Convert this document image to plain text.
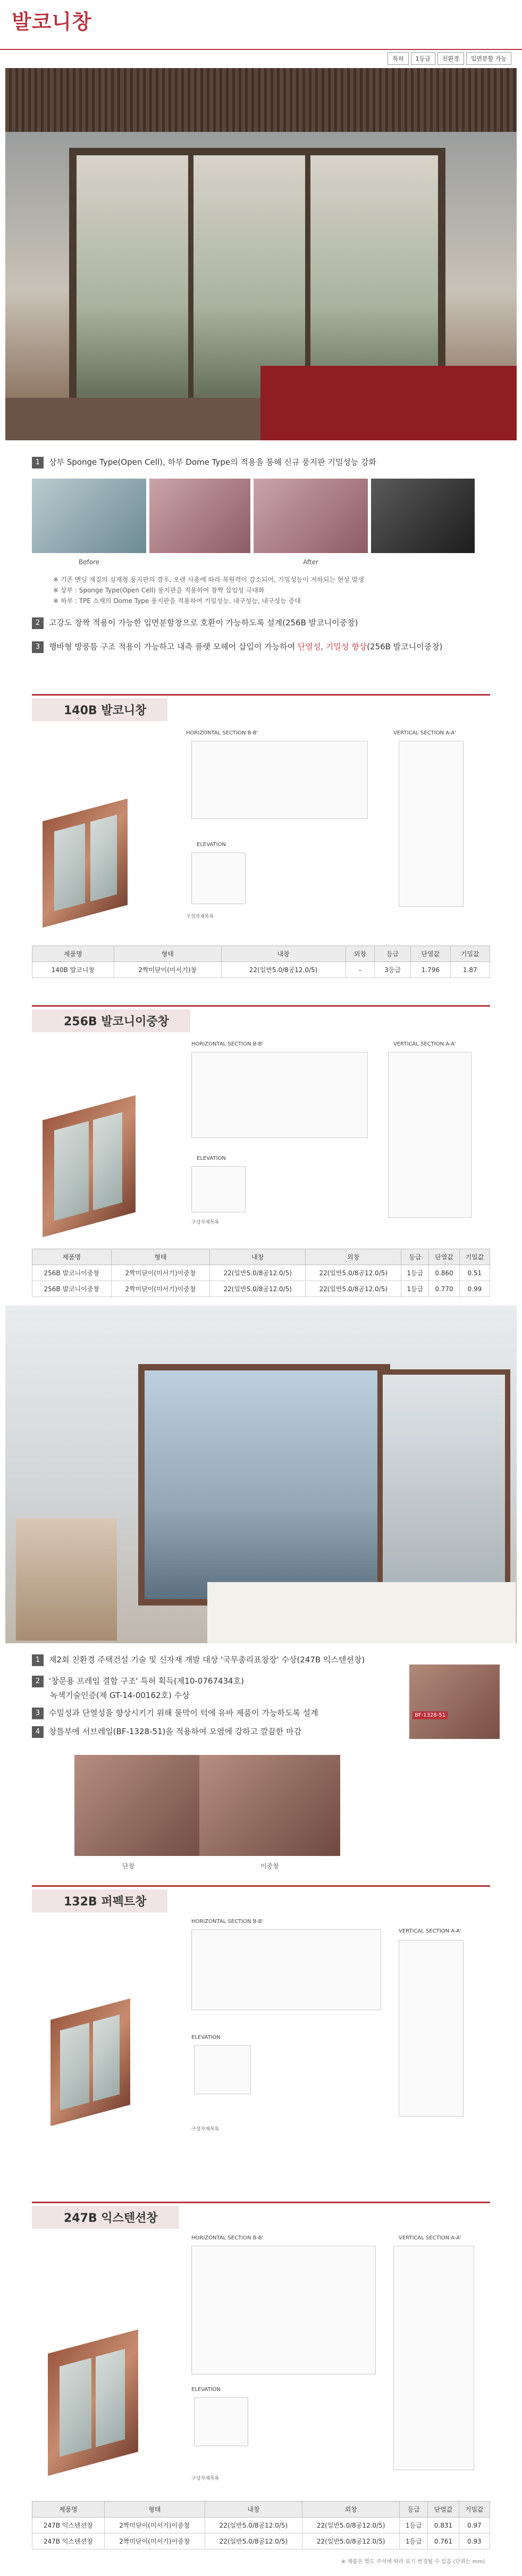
발코니창
특허	1등급	친환경	입면분할 가능
1 상부 Sponge Type(Open Cell), 하부 Dome Type의 적용을 통해 신규 풍지판 기밀성능 강화
Before	After
※ 기존 멘딩 재질의 실재형 풍지판의 경우, 오랜 사용에 따라 복원력이 감소되어, 기밀성능이 저하되는 현상 발생
※ 상부 : Sponge Type(Open Cell) 풍지판을 적용하여 창짝 삽입성 극대화
※ 하부 : TPE 소재의 Dome Type 풍지판을 적용하여 기밀성능, 내구성능, 내구성능 증대
2 고강도 창짝 적용이 가능한 입면분할창으로 호환이 가능하도록 설계(256B 발코니이중창)
3 행바형 방풍틈 구조 적용이 가능하고 내측 플랫 모헤어 삽입이 가능하여 단열성, 기밀성 향상(256B 발코니이중창)
140B 발코니창
HORIZONTAL SECTION B-B'
ELEVATION
VERTICAL SECTION A-A'
구성자재목록
제품명	형태	내창	외창	등급	단열값	기밀값
140B 발코니창	2짝미닫이(미서기)창	22(일반5.0/8공12.0/5)	-	3등급	1.796	1.87
256B 발코니이중창
HORIZONTAL SECTION B-B'
ELEVATION
VERTICAL SECTION A-A'
구성자재목록
제품명	형태	내창	외창	등급	단열값	기밀값
256B 발코니이중창	2짝미닫이(미서기)이중창	22(일반5.0/8공12.0/5)	22(일반5.0/8공12.0/5)	1등급	0.860	0.51
256B 발코니이중창	2짝미닫이(미서기)이중창	22(일반5.0/8공12.0/5)	22(일반5.0/8공12.0/5)	1등급	0.770	0.99
1 제2회 친환경 주택건설 기술 및 신자재 개발 대상 '국무총리표창장' 수상(247B 익스텐션창)
2 '창문용 프레임 결합 구조' 특허 획득(제10-0767434호)
녹색기술인증(제 GT-14-00162호) 수상
3 수밀성과 단열성을 향상시키기 위해 물막이 턱에 유바 제품이 가능하도록 설계
4 창틀부에 서브레일(BF-1328-51)을 적용하여 오염에 강하고 깔끔한 마감
BF-1328-51
단창	이중창
132B 퍼펙트창
HORIZONTAL SECTION B-B'
ELEVATION
VERTICAL SECTION A-A'
구성자재목록
247B 익스텐션창
HORIZONTAL SECTION B-B'
ELEVATION
VERTICAL SECTION A-A'
구성자재목록
제품명	형태	내창	외창	등급	단열값	기밀값
247B 익스텐션창	2짝미닫이(미서기)이중창	22(일반5.0/8공12.0/5)	22(일반5.0/8공12.0/5)	1등급	0.831	0.97
247B 익스텐션창	2짝미닫이(미서기)이중창	22(일반5.0/8공12.0/5)	22(일반5.0/8공12.0/5)	1등급	0.761	0.93
※ 제품은 별도 주석에 따라 표기 변경될 수 있음 (단위는 mm)
